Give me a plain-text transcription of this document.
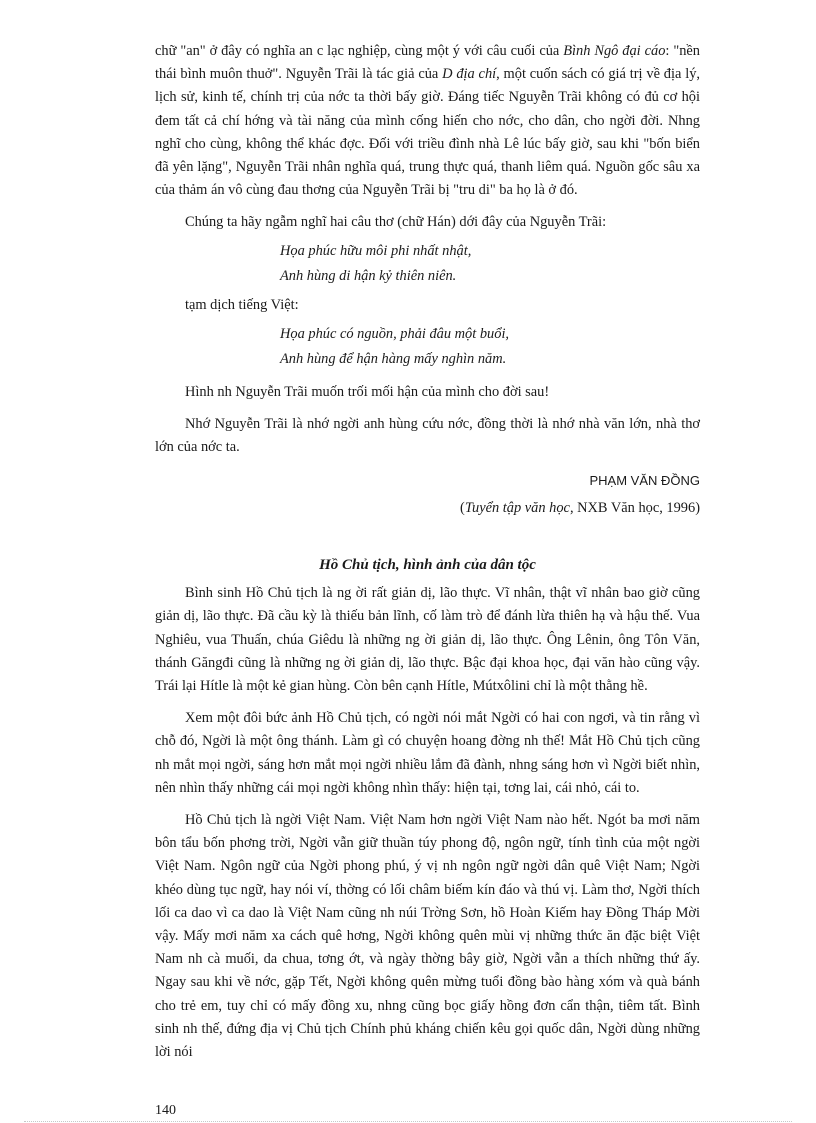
chữ "an" ở đây có nghĩa an c lạc nghiệp, cùng một ý với câu cuối của Bình Ngô đại cáo: "nền thái bình muôn thuở". Nguyễn Trãi là tác giả của D địa chí, một cuốn sách có giá trị về địa lý, lịch sử, kinh tế, chính trị của nớc ta thời bấy giờ. Đáng tiếc Nguyễn Trãi không có đủ cơ hội đem tất cả chí hớng và tài năng của mình cống hiến cho nớc, cho dân, cho ngời đời. Nhng nghĩ cho cùng, không thể khác đợc. Đối với triều đình nhà Lê lúc bấy giờ, sau khi "bốn biển đã yên lặng", Nguyễn Trãi nhân nghĩa quá, trung thực quá, thanh liêm quá. Nguồn gốc sâu xa của thảm án vô cùng đau thơng của Nguyễn Trãi bị "tru di" ba họ là ở đó.

Chúng ta hãy ngẫm nghĩ hai câu thơ (chữ Hán) dới đây của Nguyễn Trãi:

Họa phúc hữu môi phi nhất nhật,
Anh hùng di hận kỷ thiên niên.
tạm dịch tiếng Việt:
Họa phúc có nguồn, phải đâu một buổi,
Anh hùng để hận hàng mấy nghìn năm.

Hình nh Nguyễn Trãi muốn trối mối hận của mình cho đời sau!

Nhớ Nguyễn Trãi là nhớ ngời anh hùng cứu nớc, đồng thời là nhớ nhà văn lớn, nhà thơ lớn của nớc ta.

PHẠM VĂN ĐỒNG
(Tuyển tập văn học, NXB Văn học, 1996)
Hồ Chủ tịch, hình ảnh của dân tộc

Bình sinh Hồ Chủ tịch là ng ời rất giản dị, lão thực. Vĩ nhân, thật vĩ nhân bao giờ cũng giản dị, lão thực. Đã cầu kỳ là thiếu bản lĩnh, cố làm trò để đánh lừa thiên hạ và hậu thế. Vua Nghiêu, vua Thuấn, chúa Giêdu là những ng ời giản dị, lão thực. Ông Lênin, ông Tôn Văn, thánh Găngđi cũng là những ng ời giản dị, lão thực. Bậc đại khoa học, đại văn hào cũng vậy. Trái lại Hítle là một kẻ gian hùng. Còn bên cạnh Hítle, Mútxôlini chỉ là một thằng hề.

Xem một đôi bức ảnh Hồ Chủ tịch, có ngời nói mắt Ngời có hai con ngơi, và tin rằng vì chỗ đó, Ngời là một ông thánh. Làm gì có chuyện hoang đờng nh thế! Mắt Hồ Chủ tịch cũng nh mắt mọi ngời, sáng hơn mắt mọi ngời nhiều lắm đã đành, nhng sáng hơn vì Ngời biết nhìn, nên nhìn thấy những cái mọi ngời không nhìn thấy: hiện tại, tơng lai, cái nhỏ, cái to.

Hồ Chủ tịch là ngời Việt Nam. Việt Nam hơn ngời Việt Nam nào hết. Ngót ba mơi năm bôn tẩu bốn phơng trời, Ngời vẫn giữ thuần túy phong độ, ngôn ngữ, tính tình của một ngời Việt Nam. Ngôn ngữ của Ngời phong phú, ý vị nh ngôn ngữ ngời dân quê Việt Nam; Ngời khéo dùng tục ngữ, hay nói ví, thờng có lối châm biếm kín đáo và thú vị. Làm thơ, Ngời thích lối ca dao vì ca dao là Việt Nam cũng nh núi Trờng Sơn, hồ Hoàn Kiếm hay Đồng Tháp Mời vậy. Mấy mơi năm xa cách quê hơng, Ngời không quên mùi vị những thức ăn đặc biệt Việt Nam nh cà muối, da chua, tơng ớt, và ngày thờng bây giờ, Ngời vẫn a thích những thứ ấy. Ngay sau khi về nớc, gặp Tết, Ngời không quên mừng tuổi đồng bào hàng xóm và quà bánh cho trẻ em, tuy chỉ có mấy đồng xu, nhng cũng bọc giấy hồng đơn cẩn thận, tiêm tất. Bình sinh nh thế, đứng địa vị Chủ tịch Chính phủ kháng chiến kêu gọi quốc dân, Ngời dùng những lời nói

140
